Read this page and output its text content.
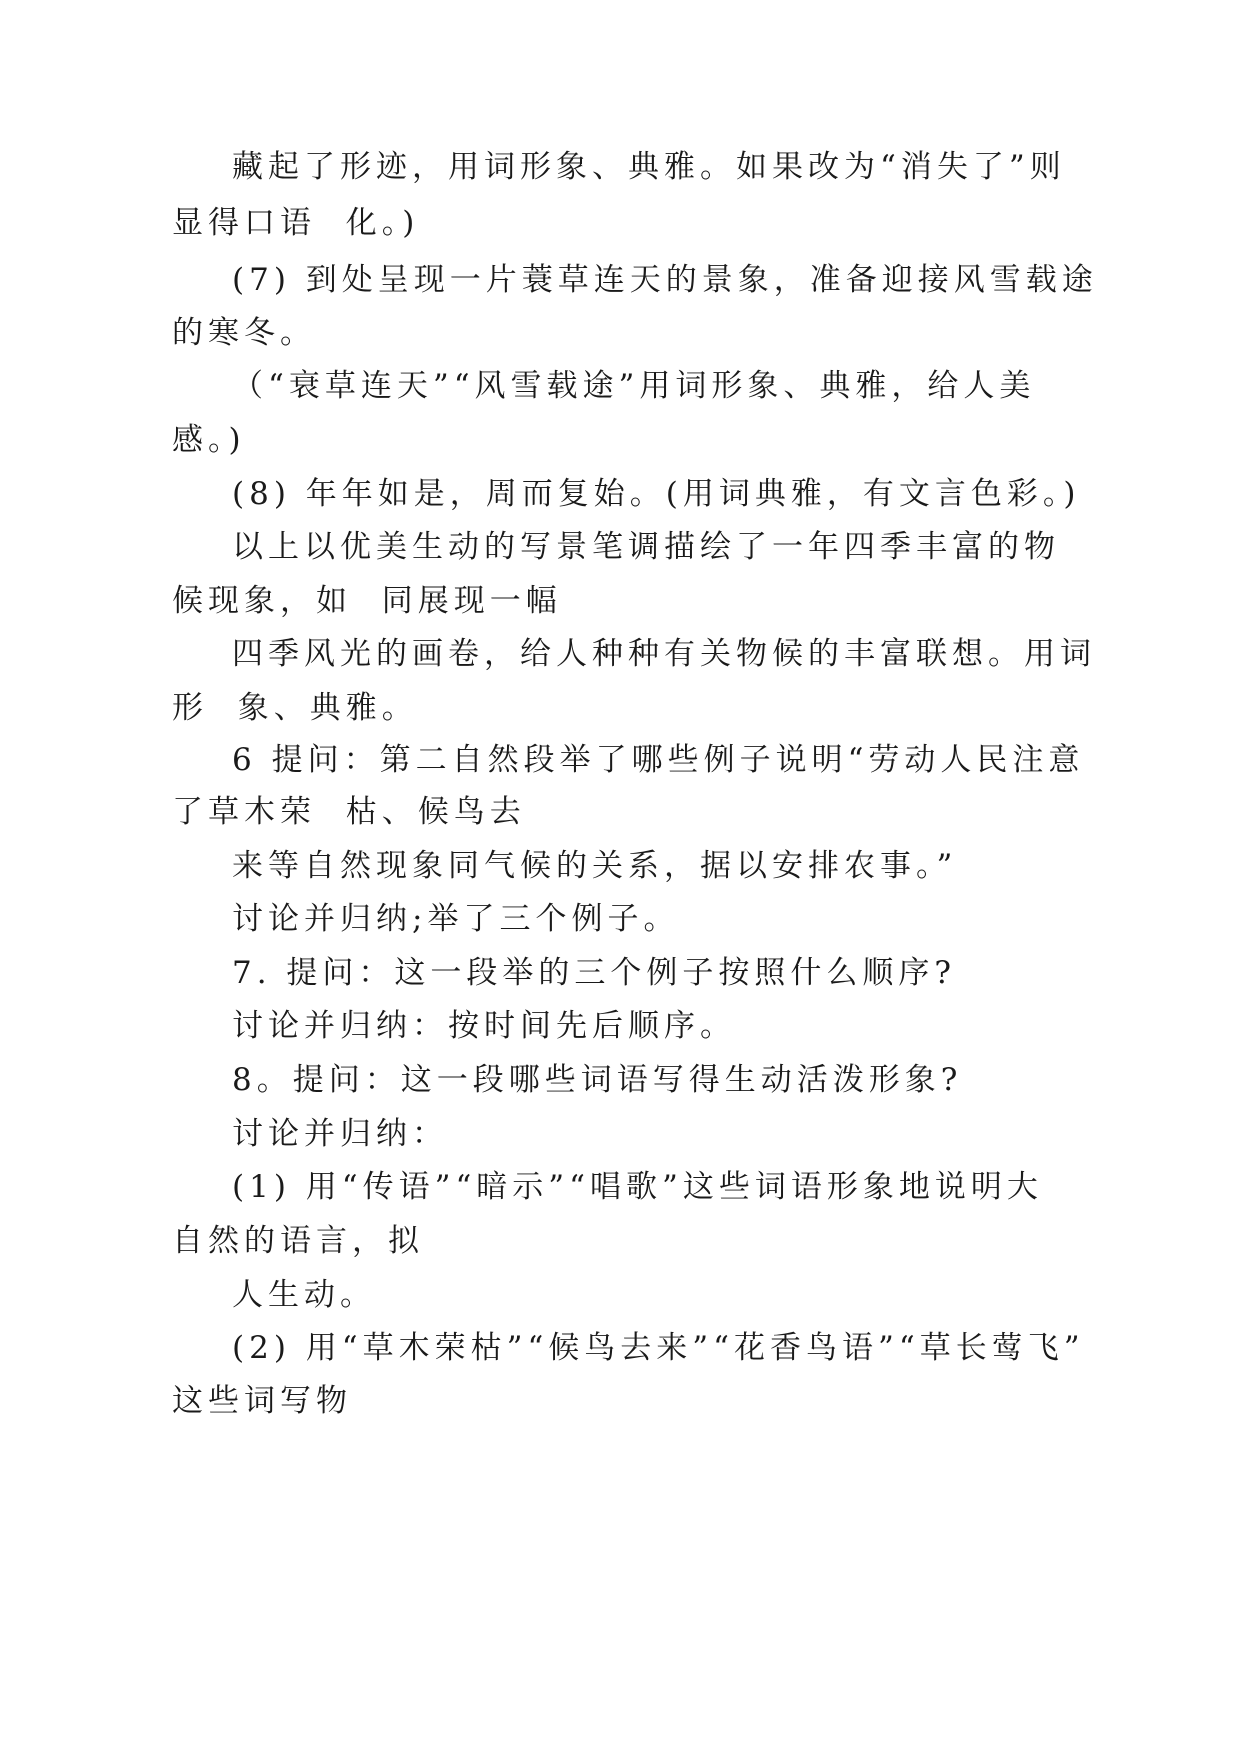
藏起了形迹，用词形象、典雅。如果改为“消失了”则
显得口语  化。)
(7) 到处呈现一片蓑草连天的景象，准备迎接风雪载途
的寒冬。
（“衰草连天”“风雪载途”用词形象、典雅，给人美
感。)
(8) 年年如是，周而复始。(用词典雅，有文言色彩。)
以上以优美生动的写景笔调描绘了一年四季丰富的物
候现象，如  同展现一幅
四季风光的画卷，给人种种有关物候的丰富联想。用词
形  象、典雅。
6 提问：第二自然段举了哪些例子说明“劳动人民注意
了草木荣  枯、候鸟去
来等自然现象同气候的关系，据以安排农事。”
讨论并归纳;举了三个例子。
7. 提问：这一段举的三个例子按照什么顺序?
讨论并归纳：按时间先后顺序。
8。提问：这一段哪些词语写得生动活泼形象?
讨论并归纳：
(1) 用“传语”“暗示”“唱歌”这些词语形象地说明大
自然的语言，拟
人生动。
(2) 用“草木荣枯”“候鸟去来”“花香鸟语”“草长莺飞”
这些词写物
